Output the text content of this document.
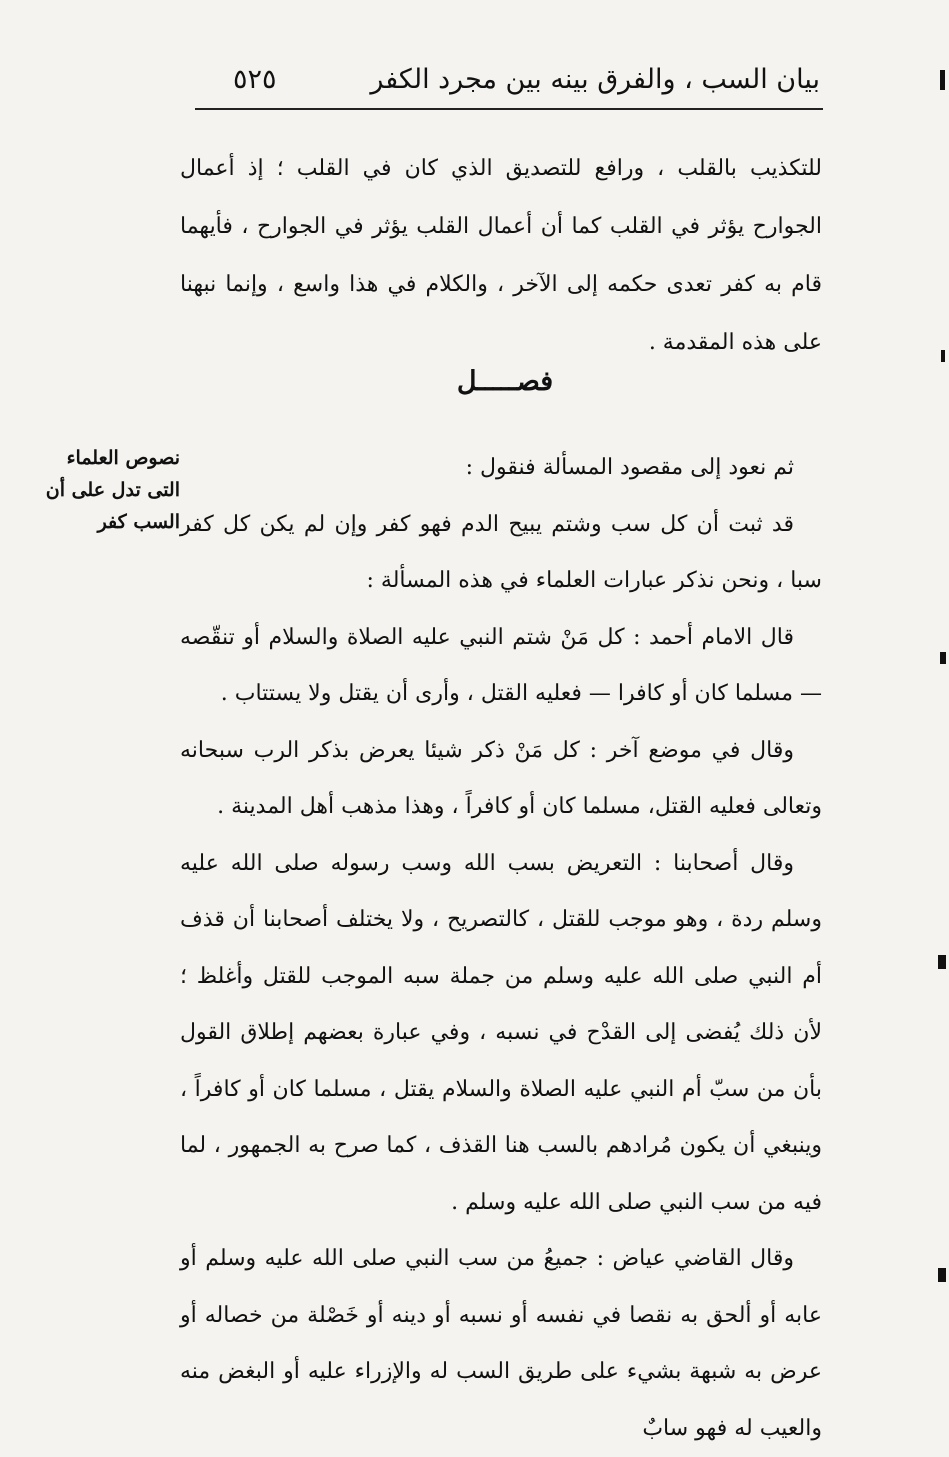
بيان السب ، والفرق بينه بين مجرد الكفر
٥٢٥

للتكذيب بالقلب ، ورافع للتصديق الذي كان في القلب ؛ إذ أعمال الجوارح يؤثر في القلب كما أن أعمال القلب يؤثر في الجوارح ، فأيهما قام به كفر تعدى حكمه إلى الآخر ، والكلام في هذا واسع ، وإنما نبهنا على هذه المقدمة .

فصـــــل
نصوص العلماء التى تدل على أن السب كفر

ثم نعود إلى مقصود المسألة فنقول :

قد ثبت أن كل سب وشتم يبيح الدم فهو كفر وإن لم يكن كل كفر سبا ، ونحن نذكر عبارات العلماء في هذه المسألة :

قال الامام أحمد : كل مَنْ شتم النبي عليه الصلاة والسلام أو تنقّصه — مسلما كان أو كافرا — فعليه القتل ، وأرى أن يقتل ولا يستتاب .

وقال في موضع آخر : كل مَنْ ذكر شيئا يعرض بذكر الرب سبحانه وتعالى فعليه القتل، مسلما كان أو كافراً ، وهذا مذهب أهل المدينة .

وقال أصحابنا : التعريض بسب الله وسب رسوله صلى الله عليه وسلم ردة ، وهو موجب للقتل ، كالتصريح ، ولا يختلف أصحابنا أن قذف أم النبي صلى الله عليه وسلم من جملة سبه الموجب للقتل وأغلظ ؛ لأن ذلك يُفضى إلى القدْح في نسبه ، وفي عبارة بعضهم إطلاق القول بأن من سبّ أم النبي عليه الصلاة والسلام يقتل ، مسلما كان أو كافراً ، وينبغي أن يكون مُرادهم بالسب هنا القذف ، كما صرح به الجمهور ، لما فيه من سب النبي صلى الله عليه وسلم .

وقال القاضي عياض : جميعُ من سب النبي صلى الله عليه وسلم أو عابه أو ألحق به نقصا في نفسه أو نسبه أو دينه أو خَصْلة من خصاله أو عرض به شبهة بشيء على طريق السب له والإزراء عليه أو البغض منه والعيب له فهو سابٌ
